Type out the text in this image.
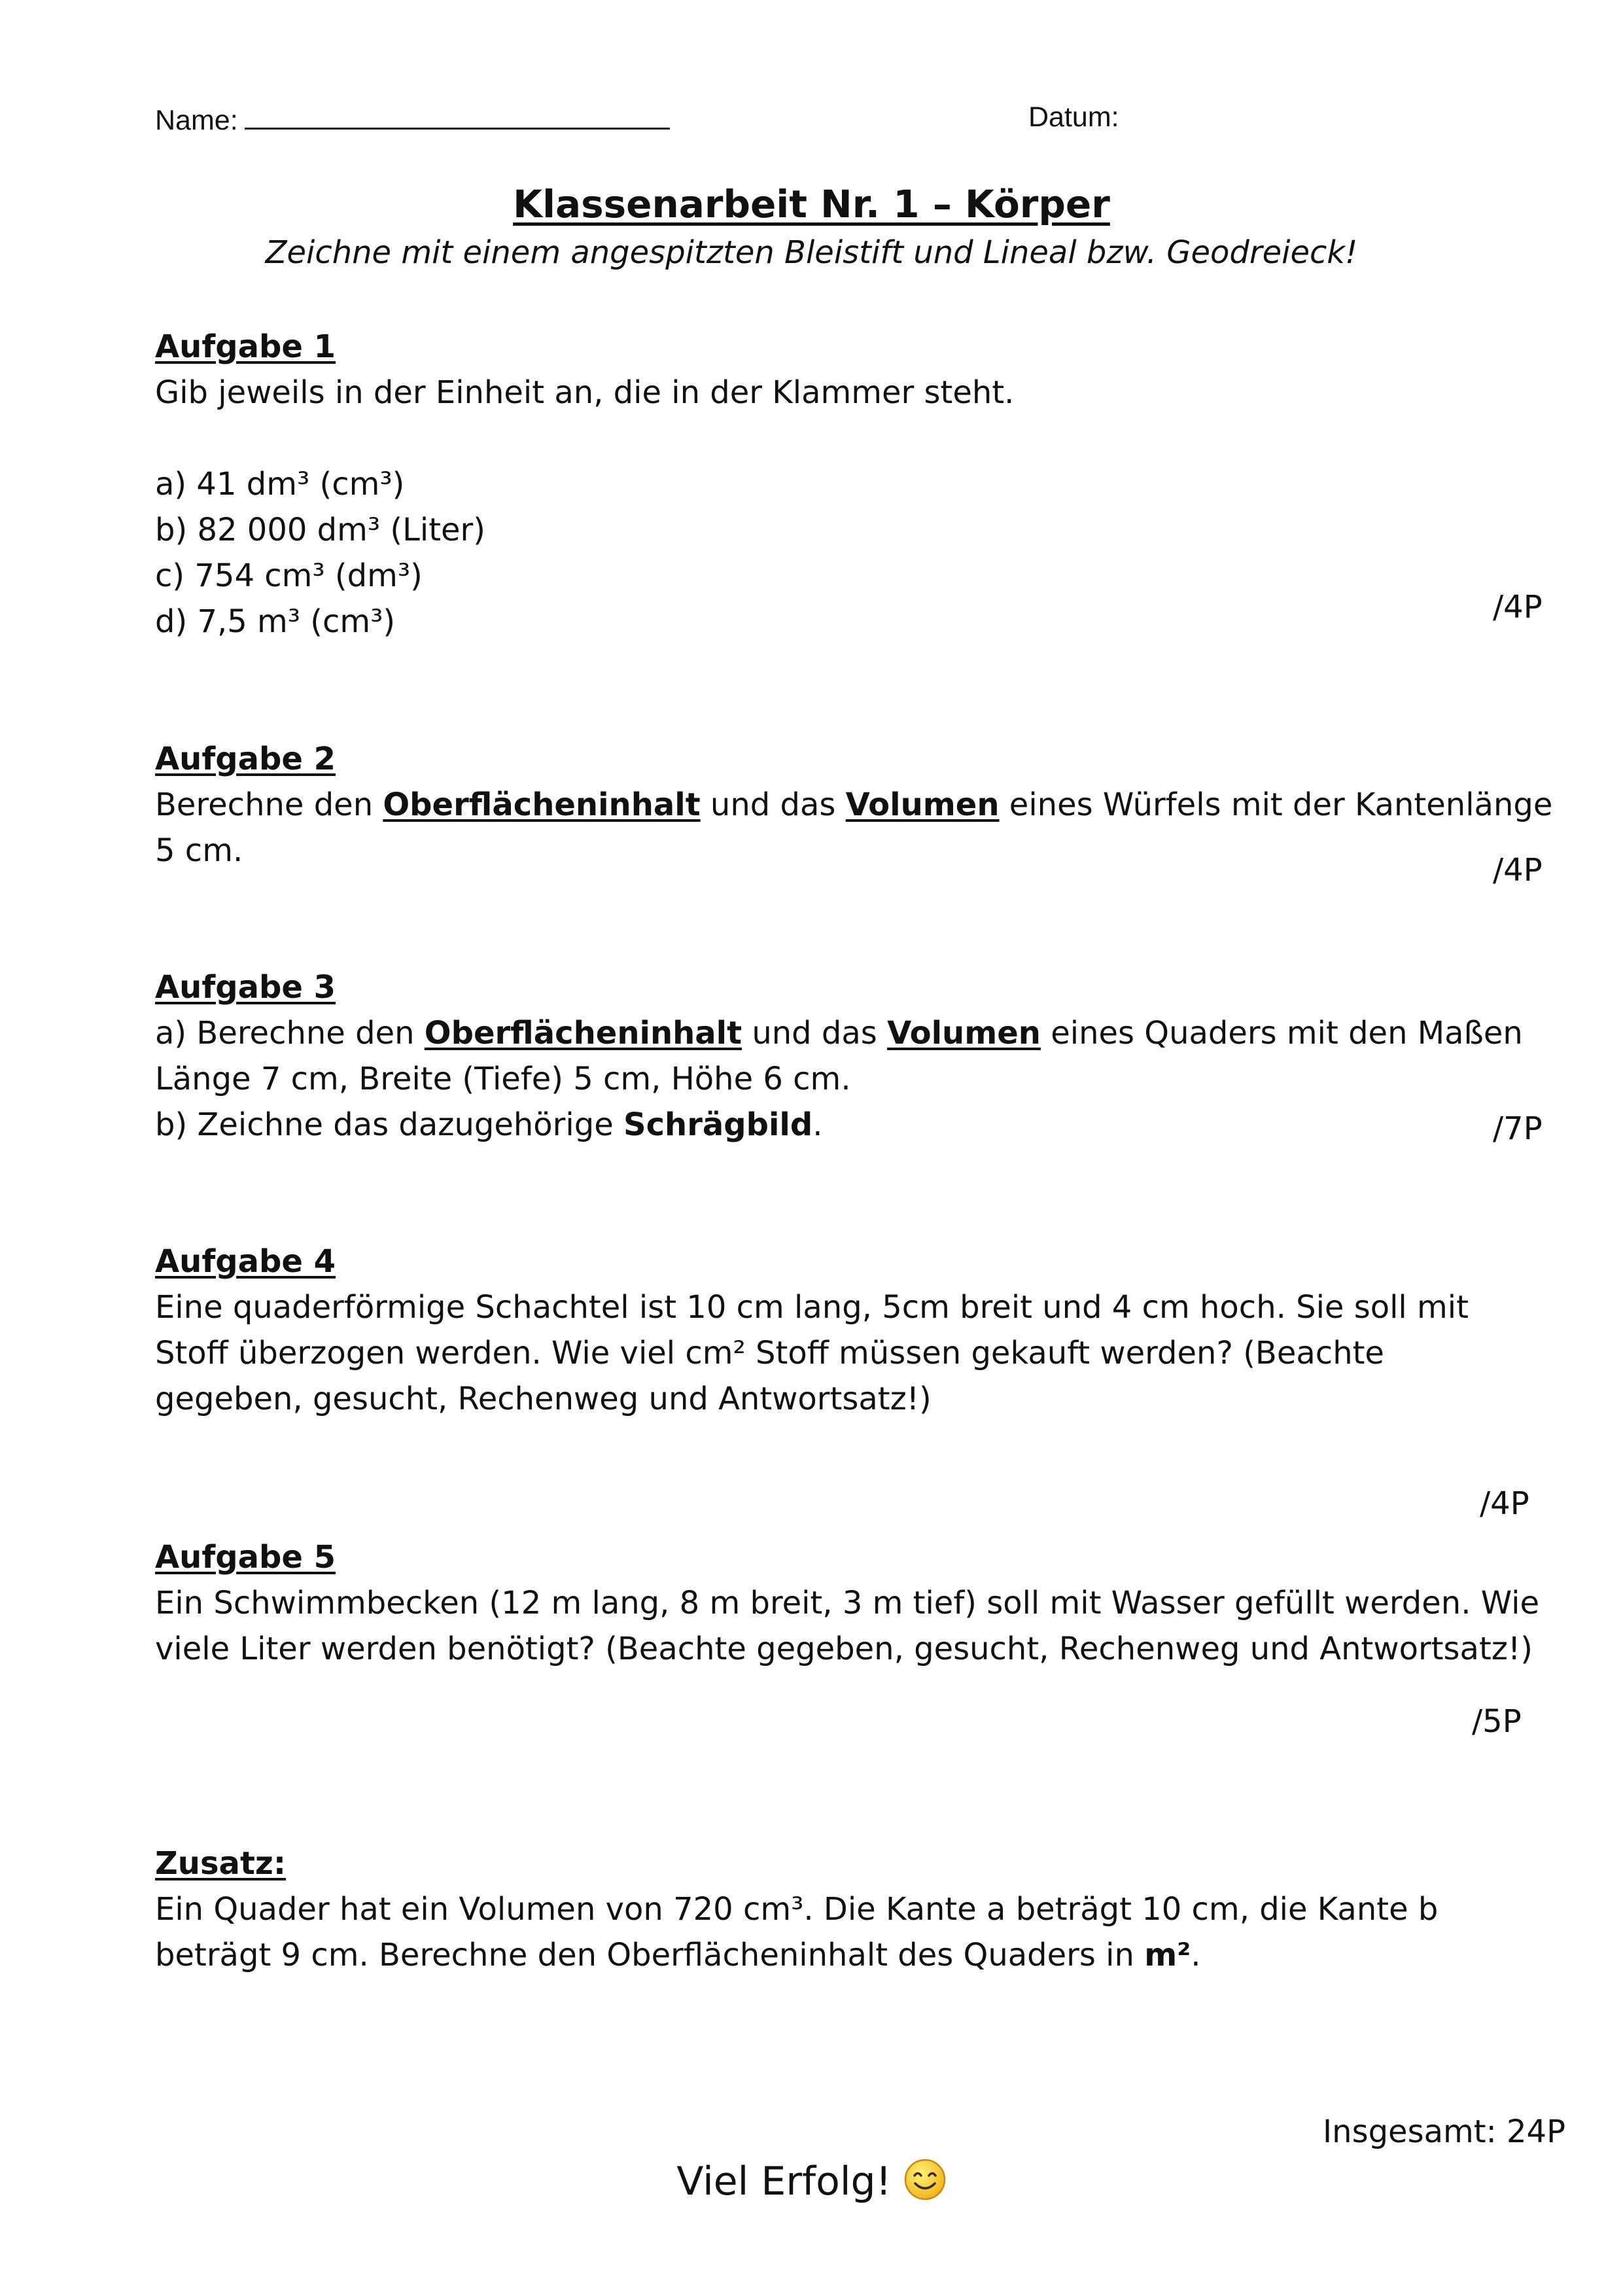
Name:	Datum:
Klassenarbeit Nr. 1 – Körper
Zeichne mit einem angespitzten Bleistift und Lineal bzw. Geodreieck!
Aufgabe 1
Gib jeweils in der Einheit an, die in der Klammer steht.
a) 41 dm³ (cm³)
b) 82 000 dm³ (Liter)
c) 754 cm³ (dm³)
d) 7,5 m³ (cm³)	/4P
Aufgabe 2
Berechne den Oberflächeninhalt und das Volumen eines Würfels mit der Kantenlänge
5 cm.
/4P
Aufgabe 3
a) Berechne den Oberflächeninhalt und das Volumen eines Quaders mit den Maßen
Länge 7 cm, Breite (Tiefe) 5 cm, Höhe 6 cm.
b) Zeichne das dazugehörige Schrägbild.	/7P
Aufgabe 4
Eine quaderförmige Schachtel ist 10 cm lang, 5cm breit und 4 cm hoch. Sie soll mit
Stoff überzogen werden. Wie viel cm² Stoff müssen gekauft werden? (Beachte
gegeben, gesucht, Rechenweg und Antwortsatz!)
/4P
Aufgabe 5
Ein Schwimmbecken (12 m lang, 8 m breit, 3 m tief) soll mit Wasser gefüllt werden. Wie
viele Liter werden benötigt? (Beachte gegeben, gesucht, Rechenweg und Antwortsatz!)
/5P
Zusatz:
Ein Quader hat ein Volumen von 720 cm³. Die Kante a beträgt 10 cm, die Kante b
beträgt 9 cm. Berechne den Oberflächeninhalt des Quaders in m².
Insgesamt: 24P
Viel Erfolg!
